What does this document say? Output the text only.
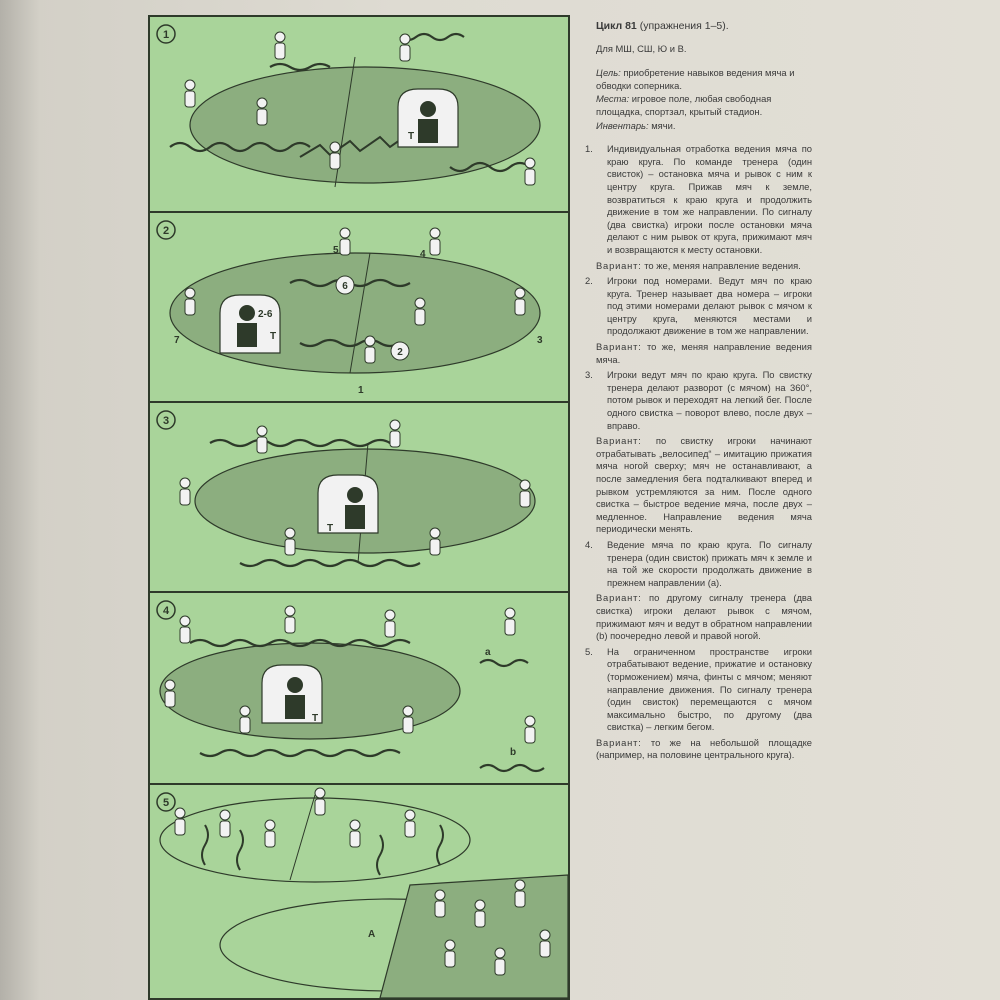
1
T
2
6
2
1
3
4
5
7
2-6
T
3
T
4
a
b
T
5
A

Цикл 81 (упражнения 1–5).

Для МШ, СШ, Ю и В.

Цель: приобретение навыков ведения мяча и обводки соперника.

Места: игровое поле, любая свободная площадка, спортзал, крытый стадион.

Инвентарь: мячи.

1. Индивидуальная отработка ведения мяча по краю круга. По команде тренера (один свисток) – остановка мяча и рывок с ним к центру круга. Прижав мяч к земле, возвратиться к краю круга и продолжить движение в том же направлении. По сигналу (два свистка) игроки после остановки мяча делают с ним рывок от круга, прижимают мяч и возвращаются к месту остановки.

Вариант: то же, меняя направление ведения.

2. Игроки под номерами. Ведут мяч по краю круга. Тренер называет два номера – игроки под этими номерами делают рывок с мячом к центру круга, меняются местами и продолжают движение в том же направлении.

Вариант: то же, меняя направление ведения мяча.

3. Игроки ведут мяч по краю круга. По свистку тренера делают разворот (с мячом) на 360°, потом рывок и переходят на легкий бег. После одного свистка – поворот влево, после двух – вправо.

Вариант: по свистку игроки начинают отрабатывать „велосипед“ – имитацию прижатия мяча ногой сверху; мяч не останавливают, а после замедления бега подталкивают вперед и рывком устремляются за ним. После одного свистка – быстрое ведение мяча, после двух – медленное. Направление ведения мяча периодически менять.

4. Ведение мяча по краю круга. По сигналу тренера (один свисток) прижать мяч к земле и на той же скорости продолжать движение в прежнем направлении (a).

Вариант: по другому сигналу тренера (два свистка) игроки делают рывок с мячом, прижимают мяч и ведут в обратном направлении (b) поочередно левой и правой ногой.

5. На ограниченном пространстве игроки отрабатывают ведение, прижатие и остановку (торможением) мяча, финты с мячом; меняют направление движения. По сигналу тренера (один свисток) перемещаются с мячом максимально быстро, по другому (два свистка) – легким бегом.

Вариант: то же на небольшой площадке (например, на половине центрального круга).
